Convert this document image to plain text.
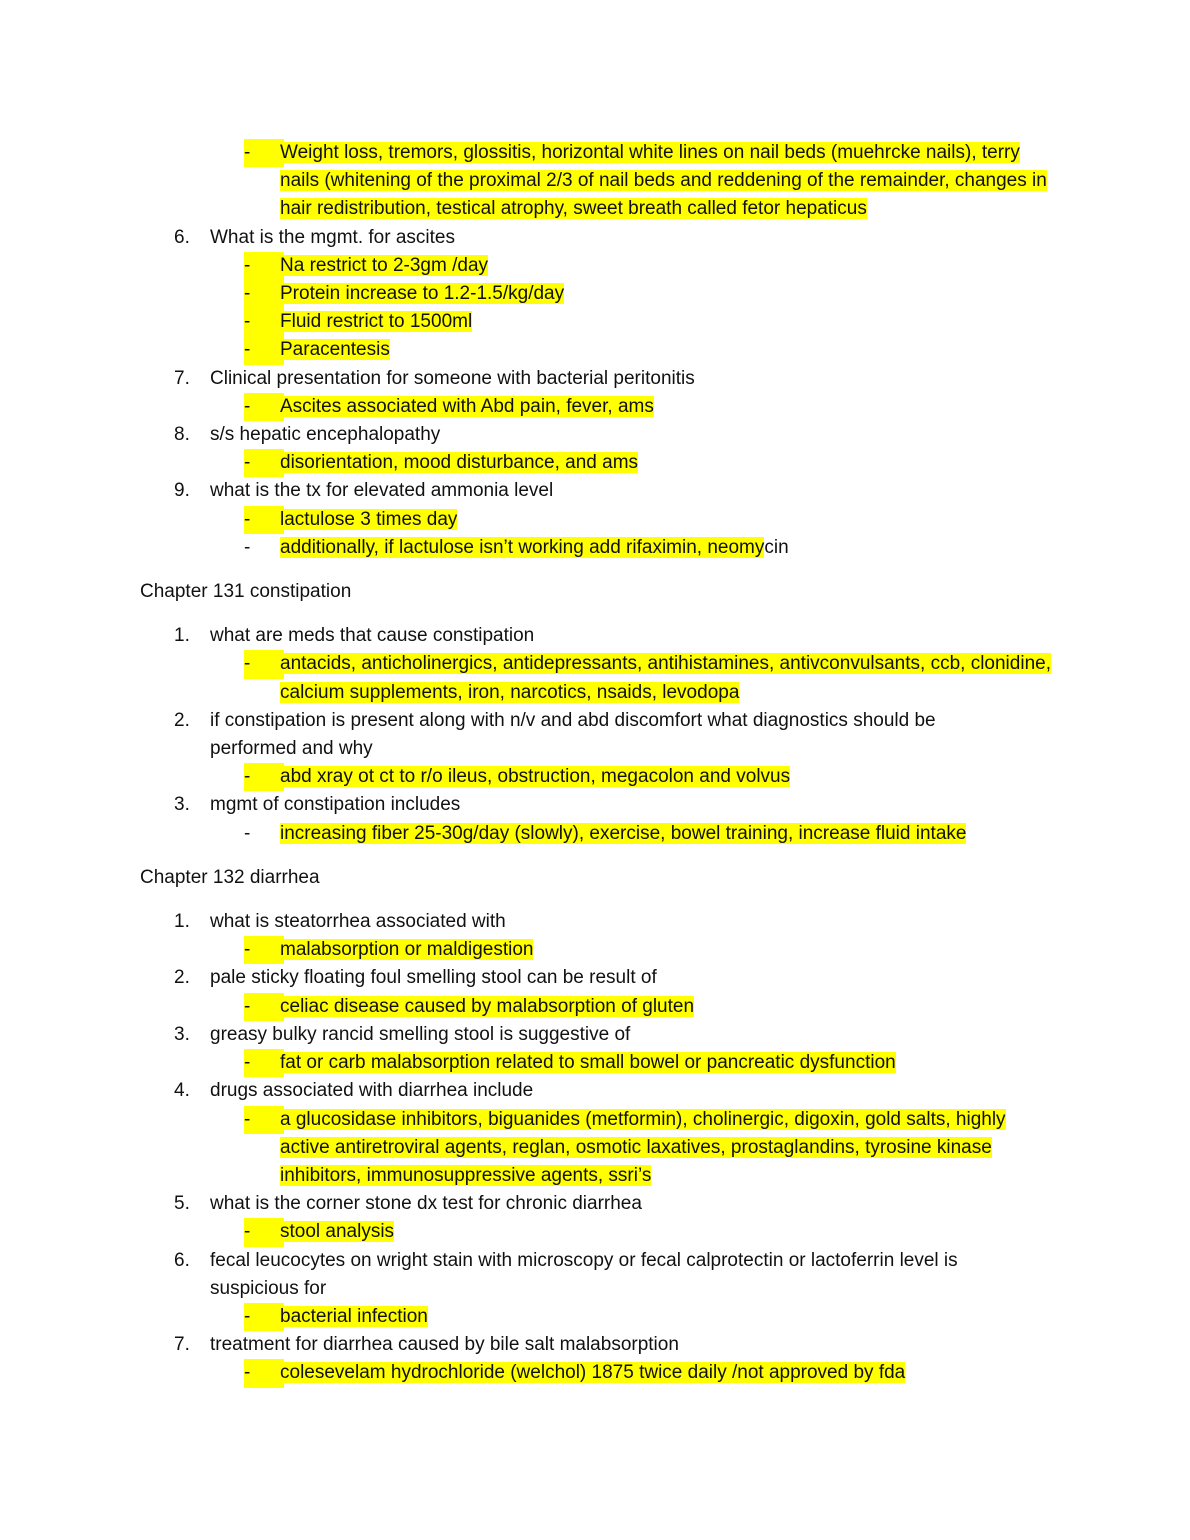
-	Weight loss, tremors, glossitis, horizontal white lines on nail beds (muehrcke nails), terry nails (whitening of the proximal 2/3 of nail beds and reddening of the remainder, changes in hair redistribution, testical atrophy, sweet breath called fetor hepaticus
6.	What is the mgmt. for ascites
-	Na restrict to 2-3gm /day
-	Protein increase to 1.2-1.5/kg/day
-	Fluid restrict to 1500ml
-	Paracentesis
7.	Clinical presentation for someone with bacterial peritonitis
-	Ascites associated with Abd pain, fever, ams
8.	s/s hepatic encephalopathy
-	disorientation, mood disturbance, and ams
9.	what is the tx for elevated ammonia level
-	lactulose 3 times day
-	additionally, if lactulose isn’t working add rifaximin, neomycin
Chapter 131 constipation
1.	what are meds that cause constipation
-	antacids, anticholinergics, antidepressants, antihistamines, antivconvulsants, ccb, clonidine, calcium supplements, iron, narcotics, nsaids, levodopa
2.	if constipation is present along with n/v and abd discomfort what diagnostics should be performed and why
-	abd xray ot ct to r/o ileus, obstruction, megacolon and volvus
3.	mgmt of constipation includes
-	increasing fiber 25-30g/day (slowly), exercise, bowel training, increase fluid intake
Chapter 132 diarrhea
1.	what is steatorrhea associated with
-	malabsorption or maldigestion
2.	pale sticky floating foul smelling stool can be result of
-	celiac disease caused by malabsorption of gluten
3.	greasy bulky rancid smelling stool is suggestive of
-	fat or carb malabsorption related to small bowel or pancreatic dysfunction
4.	drugs associated with diarrhea include
-	a glucosidase inhibitors, biguanides (metformin), cholinergic, digoxin, gold salts, highly active antiretroviral agents, reglan, osmotic laxatives, prostaglandins, tyrosine kinase inhibitors, immunosuppressive agents, ssri’s
5.	what is the corner stone dx test for chronic diarrhea
-	stool analysis
6.	fecal leucocytes on wright stain with microscopy or fecal calprotectin or lactoferrin level is suspicious for
-	bacterial infection
7.	treatment for diarrhea caused by bile salt malabsorption
-	colesevelam hydrochloride (welchol) 1875 twice daily /not approved by fda
